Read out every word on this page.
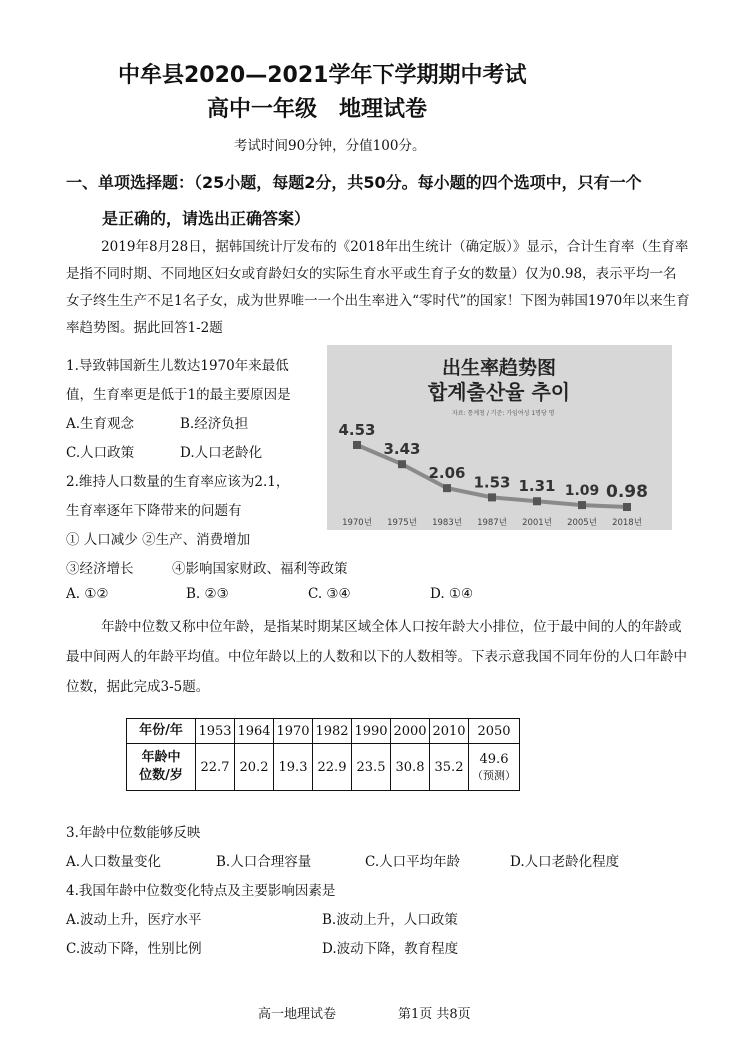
中牟县2020—2021学年下学期期中考试
高中一年级 地理试卷
考试时间90分钟，分值100分。
一、单项选择题：（25小题，每题2分，共50分。每小题的四个选项中，只有一个
是正确的，请选出正确答案）
2019年8月28日，据韩国统计厅发布的《2018年出生统计（确定版）》显示，合计生育率（生育率是指不同时期、不同地区妇女或育龄妇女的实际生育水平或生育子女的数量）仅为0.98，表示平均一名女子终生生产不足1名子女，成为世界唯一一个出生率进入“零时代”的国家！下图为韩国1970年以来生育率趋势图。据此回答1-2题
1.导致韩国新生儿数达1970年来最低
值，生育率更是低于1的最主要原因是
A.生育观念	B.经济负担
C.人口政策	D.人口老龄化
2.维持人口数量的生育率应该为2.1，
生育率逐年下降带来的问题有
① 人口减少 ②生产、消费增加
③经济增长	④影响国家财政、福利等政策
A. ①②	B. ②③	C. ③④	D. ①④
出生率趋势图
합계출산율 추이
자료: 통계청 / 기준: 가임여성 1명당 명
4.53
1970년
3.43
1975년
2.06
1983년
1.53
1987년
1.31
2001년
1.09
2005년
0.98
2018년
年龄中位数又称中位年龄，是指某时期某区域全体人口按年龄大小排位，位于最中间的人的年龄或最中间两人的年龄平均值。中位年龄以上的人数和以下的人数相等。下表示意我国不同年份的人口年龄中位数，据此完成3-5题。
年份/年	1953	1964	1970	1982	1990	2000	2010	2050
年龄中
位数/岁	22.7	20.2	19.3	22.9	23.5	30.8	35.2	49.6
（预测）
3.年龄中位数能够反映
A.人口数量变化	B.人口合理容量	C.人口平均年龄	D.人口老龄化程度
4.我国年龄中位数变化特点及主要影响因素是
A.波动上升，医疗水平	B.波动上升，人口政策
C.波动下降，性别比例	D.波动下降，教育程度
高一地理试卷	第1页 共8页
